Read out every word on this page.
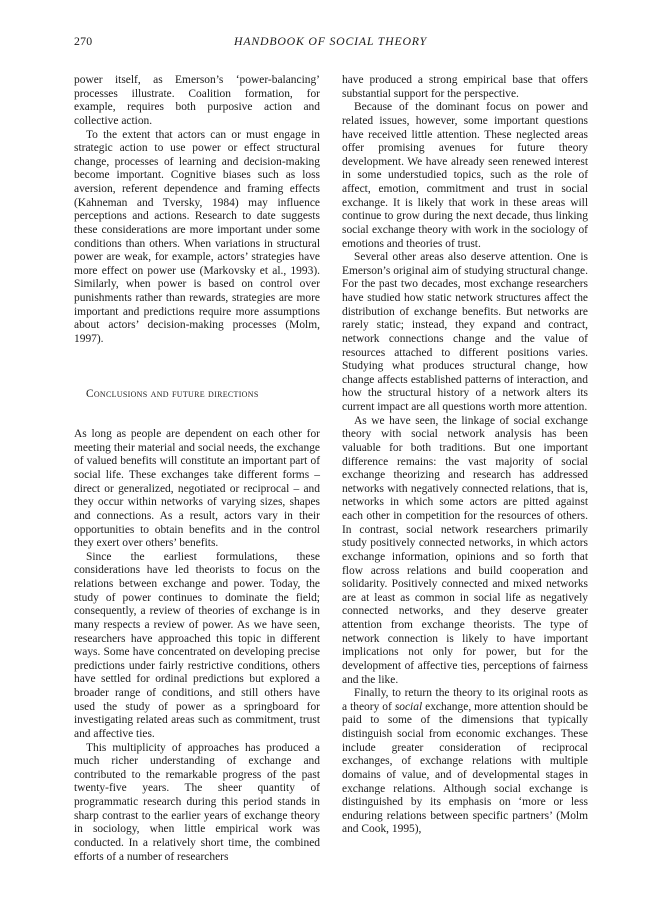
270	HANDBOOK OF SOCIAL THEORY

power itself, as Emerson’s ‘power-balancing’ processes illustrate. Coalition formation, for example, requires both purposive action and collective action.

To the extent that actors can or must engage in strategic action to use power or effect structural change, processes of learning and decision-making become important. Cognitive biases such as loss aversion, referent dependence and framing effects (Kahneman and Tversky, 1984) may influence perceptions and actions. Research to date suggests these considerations are more important under some conditions than others. When variations in structural power are weak, for example, actors’ strategies have more effect on power use (Markovsky et al., 1993). Similarly, when power is based on control over punishments rather than rewards, strategies are more important and predictions require more assumptions about actors’ decision-making processes (Molm, 1997).

Conclusions and future directions

As long as people are dependent on each other for meeting their material and social needs, the exchange of valued benefits will constitute an important part of social life. These exchanges take different forms – direct or generalized, negotiated or reciprocal – and they occur within networks of varying sizes, shapes and connections. As a result, actors vary in their opportunities to obtain benefits and in the control they exert over others’ benefits.

Since the earliest formulations, these considerations have led theorists to focus on the relations between exchange and power. Today, the study of power continues to dominate the field; consequently, a review of theories of exchange is in many respects a review of power. As we have seen, researchers have approached this topic in different ways. Some have concentrated on developing precise predictions under fairly restrictive conditions, others have settled for ordinal predictions but explored a broader range of conditions, and still others have used the study of power as a springboard for investigating related areas such as commitment, trust and affective ties.

This multiplicity of approaches has produced a much richer understanding of exchange and contributed to the remarkable progress of the past twenty-five years. The sheer quantity of programmatic research during this period stands in sharp contrast to the earlier years of exchange theory in sociology, when little empirical work was conducted. In a relatively short time, the combined efforts of a number of researchers

have produced a strong empirical base that offers substantial support for the perspective.

Because of the dominant focus on power and related issues, however, some important questions have received little attention. These neglected areas offer promising avenues for future theory development. We have already seen renewed interest in some understudied topics, such as the role of affect, emotion, commitment and trust in social exchange. It is likely that work in these areas will continue to grow during the next decade, thus linking social exchange theory with work in the sociology of emotions and theories of trust.

Several other areas also deserve attention. One is Emerson’s original aim of studying structural change. For the past two decades, most exchange researchers have studied how static network structures affect the distribution of exchange benefits. But networks are rarely static; instead, they expand and contract, network connections change and the value of resources attached to different positions varies. Studying what produces structural change, how change affects established patterns of interaction, and how the structural history of a network alters its current impact are all questions worth more attention.

As we have seen, the linkage of social exchange theory with social network analysis has been valuable for both traditions. But one important difference remains: the vast majority of social exchange theorizing and research has addressed networks with negatively connected relations, that is, networks in which some actors are pitted against each other in competition for the resources of others. In contrast, social network researchers primarily study positively connected networks, in which actors exchange information, opinions and so forth that flow across relations and build cooperation and solidarity. Positively connected and mixed networks are at least as common in social life as negatively connected networks, and they deserve greater attention from exchange theorists. The type of network connection is likely to have important implications not only for power, but for the development of affective ties, perceptions of fairness and the like.

Finally, to return the theory to its original roots as a theory of social exchange, more attention should be paid to some of the dimensions that typically distinguish social from economic exchanges. These include greater consideration of reciprocal exchanges, of exchange relations with multiple domains of value, and of developmental stages in exchange relations. Although social exchange is distinguished by its emphasis on ‘more or less enduring relations between specific partners’ (Molm and Cook, 1995),
